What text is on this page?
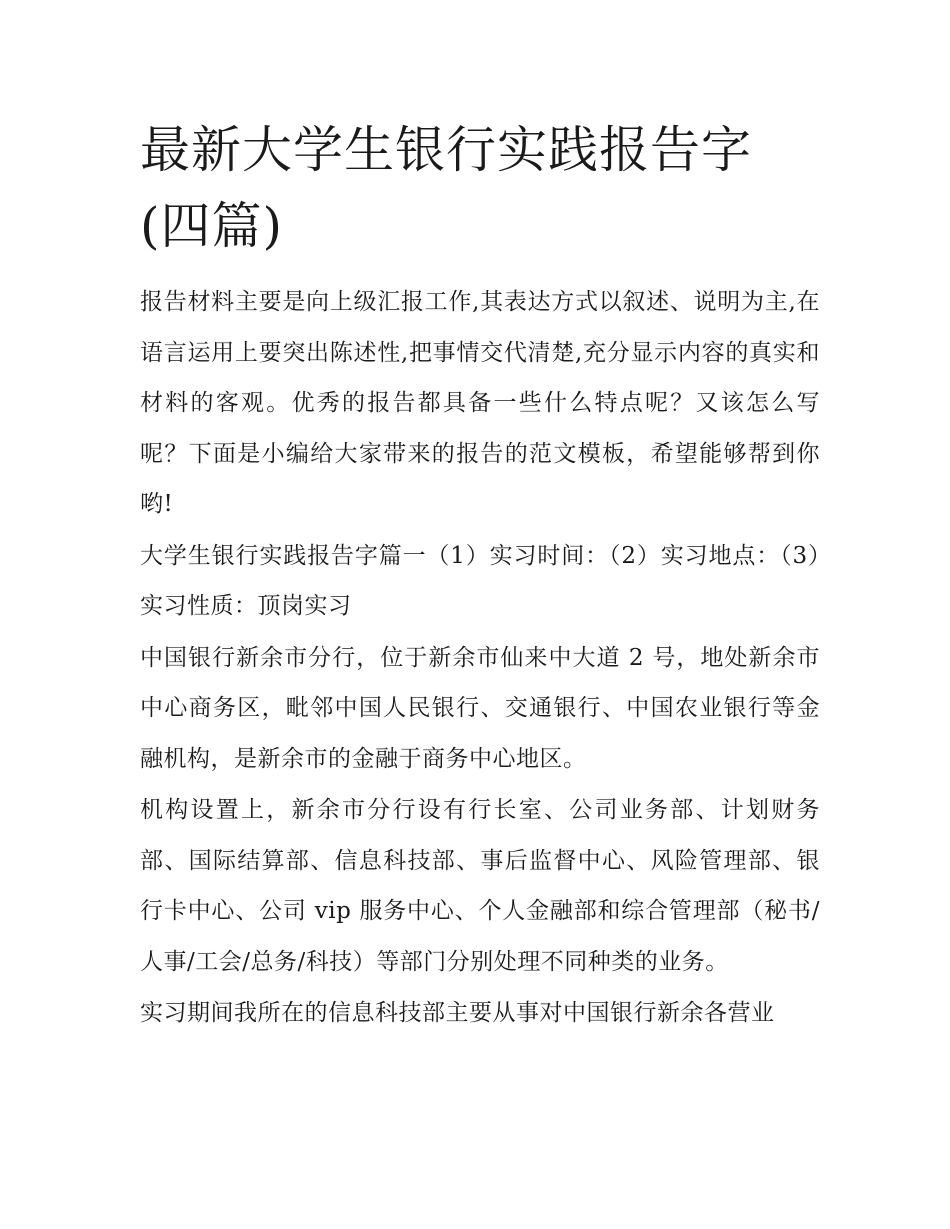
最新大学生银行实践报告字(四篇)

报告材料主要是向上级汇报工作,其表达方式以叙述、说明为主,在语言运用上要突出陈述性,把事情交代清楚,充分显示内容的真实和材料的客观。优秀的报告都具备一些什么特点呢？又该怎么写呢？下面是小编给大家带来的报告的范文模板，希望能够帮到你哟!

大学生银行实践报告字篇一（1）实习时间：（2）实习地点：（3）实习性质：顶岗实习

中国银行新余市分行，位于新余市仙来中大道 2 号，地处新余市中心商务区，毗邻中国人民银行、交通银行、中国农业银行等金融机构，是新余市的金融于商务中心地区。

机构设置上，新余市分行设有行长室、公司业务部、计划财务部、国际结算部、信息科技部、事后监督中心、风险管理部、银行卡中心、公司 vip 服务中心、个人金融部和综合管理部（秘书/人事/工会/总务/科技）等部门分别处理不同种类的业务。

实习期间我所在的信息科技部主要从事对中国银行新余各营业
